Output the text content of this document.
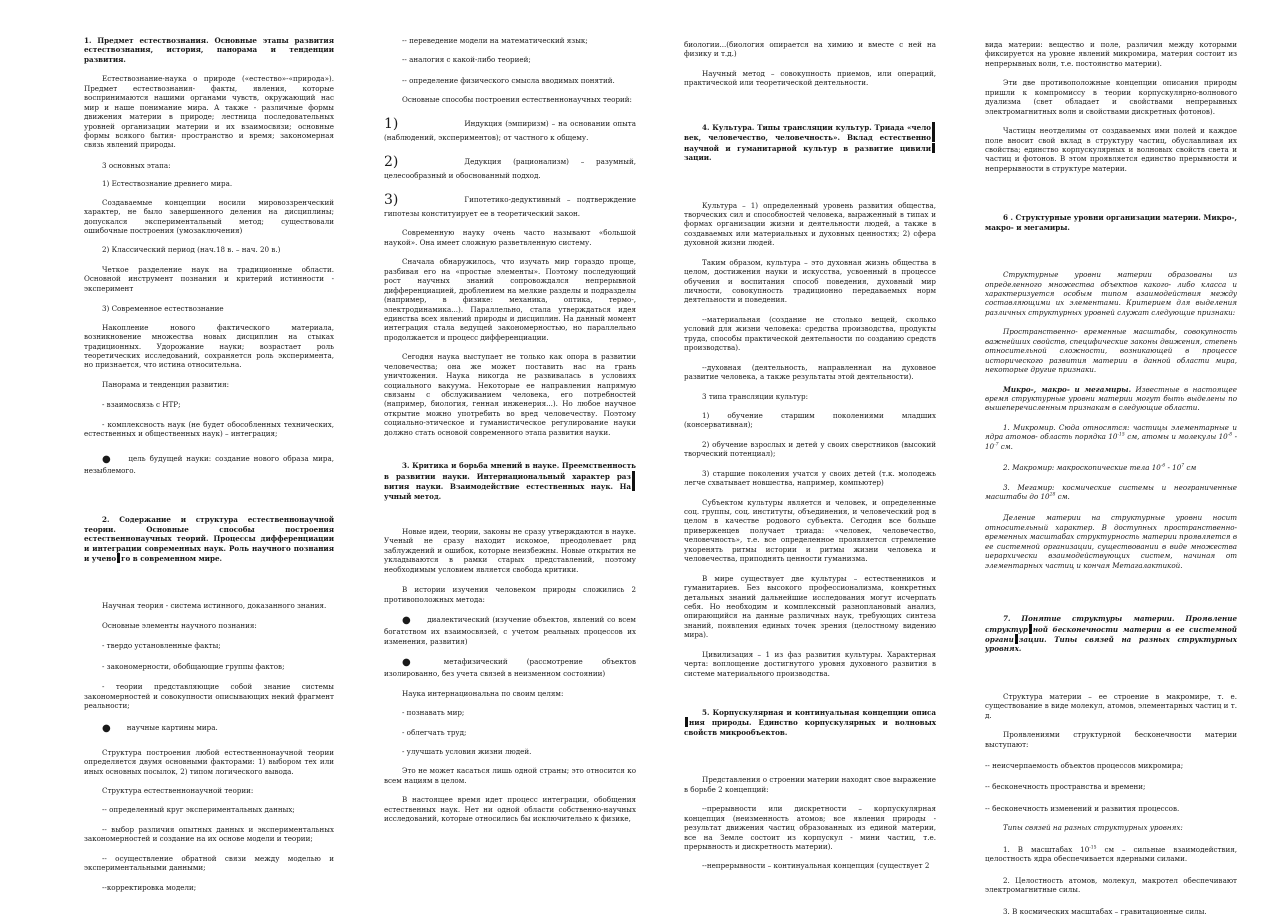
1. Предмет естествознания. Основные этапы развития естествознания, история, панорама и тенденции развития.

Естествознание-наука о природе («естество»-«природа»). Предмет естествознания- факты, явления, которые воспринимаются нашими органами чувств, окружающий нас мир и наше понимание мира. А также - различные формы движения материи в природе; лестница последовательных уровней организации материи и их взаимосвязи; основные формы всякого бытия- пространство и время; закономерная связь явлений природы.

3 основных этапа:

1) Естествознание древнего мира.

Создаваемые концепции носили мировоззренческий характер, не было завершенного деления на дисциплины; допускался экспериментальный метод; существовали ошибочные построения (умозаключения)

2) Классический период (нач.18 в. – нач. 20 в.)

Четкое разделение наук на традиционные области. Основной инструмент познания и критерий истинности - эксперимент

3) Современное естествознание

Накопление нового фактического материала, возникновение множества новых дисциплин на стыках традиционных. Удорожание науки; возрастает роль теоретических исследований, сохраняется роль эксперимента, но признается, что истина относительна.

Панорама и тенденция развития:

- взаимосвязь с НТР;

- комплексность наук (не будет обособленных технических, естественных и общественных наук) – интеграция;

● цель будущей науки: создание нового образа мира, незыблемого.

2. Содержание и структура естественнонаучной теории. Основные способы построения естественнонаучных теорий. Процессы дифференциации и интеграции современных наук. Роль научного познания и учено го в современном мире.

Научная теория - система истинного, доказанного знания.

Основные элементы научного познания:

- твердо установленные факты;

- закономерности, обобщающие группы фактов;

- теории представляющие собой знание системы закономерностей и совокупности описывающих некий фрагмент реальности;

● научные картины мира.

Структура построения любой естественнонаучной теории определяется двумя основными факторами: 1) выбором тех или иных основных посылок, 2) типом логического вывода.

Структура естественнонаучной теории:

-- определенный круг экспериментальных данных;

-- выбор различия опытных данных и экспериментальных закономерностей и создание на их основе модели и теории;

-- осуществление обратной связи между моделью и экспериментальными данными;

--корректировка модели;

-- переведение модели на математический язык;

-- аналогия с какой-либо теорией;

-- определение физического смысла вводимых понятий.

Основные способы построения естественнонаучных теорий:

1)	Индукция (эмпиризм) – на основании опыта (наблюдений, экспериментов); от частного к общему.

2)	Дедукция (рационализм) – разумный, целесообразный и обоснованный подход.

3)	Гипотетико-дедуктивный – подтверждение гипотезы конституирует ее в теоретический закон.

Современную науку очень часто называют «большой наукой». Она имеет сложную разветвленную систему.

Сначала обнаружилось, что изучать мир гораздо проще, разбивая его на «простые элементы». Поэтому последующий рост научных знаний сопровождался непрерывной дифференциацией, дроблением на мелкие разделы и подразделы (например, в физике: механика, оптика, термо-, электродинамика...). Параллельно, стала утверждаться идея единства всех явлений природы и дисциплин. На данный момент интеграция стала ведущей закономерностью, но параллельно продолжается и процесс дифференциации.

Сегодня наука выступает не только как опора в развитии человечества; она же может поставить нас на грань уничтожения. Наука никогда не развивалась в условиях социального вакуума. Некоторые ее направления напрямую связаны с обслуживанием человека, его потребностей (например, биология, генная инженерия...). Но любое научное открытие можно употребить во вред человечеству. Поэтому социально-этическое и гуманистическое регулирование науки должно стать основой современного этапа развития науки.

3. Критика и борьба мнений в науке. Преемственность в развитии науки. Интернациональный характер развития науки. Взаимодействие естественных наук. Научный метод.

Новые идеи, теории, законы не сразу утверждаются в науке. Ученый не сразу находит искомое, преодолевает ряд заблуждений и ошибок, которые неизбежны. Новые открытия не укладываются в рамки старых представлений, поэтому необходимым условием является свобода критики.

В истории изучения человеком природы сложились 2 противоположных метода:

● диалектический (изучение объектов, явлений со всем богатством их взаимосвязей, с учетом реальных процессов их изменения, развития)

● метафизический (рассмотрение объектов изолированно, без учета связей в неизменном состоянии)

Наука интернациональна по своим целям:

- познавать мир;

- облегчать труд;

- улучшать условия жизни людей.

Это не может касаться лишь одной страны; это относится ко всем нациям в целом.

В настоящее время идет процесс интеграции, обобщения естественных наук. Нет ни одной области собственно-научных исследований, которые относились бы исключительно к физике,

биологии...(биология опирается на химию и вместе с ней на физику и т.д.)

Научный метод – совокупность приемов, или операций, практической или теоретической деятельности.

4. Культура. Типы трансляции культур. Триада «человек, человечество, человечность». Вклад естественнонаучной и гуманитарной культур в развитие цивилизации.

Культура – 1) определенный уровень развития общества, творческих сил и способностей человека, выраженный в типах и формах организации жизни и деятельности людей, а также в создаваемых или материальных и духовных ценностях; 2) сфера духовной жизни людей.

Таким образом, культура – это духовная жизнь общества в целом, достижения науки и искусства, усвоенный в процессе обучения и воспитания способ поведения, духовный мир личности, совокупность традиционно передаваемых норм деятельности и поведения.

--материальная (создание не столько вещей, сколько условий для жизни человека: средства производства, продукты труда, способы практической деятельности по созданию средств производства).

--духовная (деятельность, направленная на духовное развитие человека, а также результаты этой деятельности).

3 типа трансляции культур:

1) обучение старшим поколениями младших (консервативная);

2) обучение взрослых и детей у своих сверстников (высокий творческий потенциал);

3) старшие поколения учатся у своих детей (т.к. молодежь легче схватывает новшества, например, компьютер)

Субъектом культуры является и человек, и определенные соц. группы, соц. институты, объединения, и человеческий род в целом в качестве родового субъекта. Сегодня все больше приверженцев получает триада: «человек, человечество, человечность», т.е. все определенное проявляется стремление укоренять ритмы истории и ритмы жизни человека и человечества, приподнять ценности гуманизма.

В мире существует две культуры – естественников и гуманитариев. Без высокого профессионализма, конкретных детальных знаний дальнейшие исследования могут исчерпать себя. Но необходим и комплексный разноплановый анализ, опирающийся на данные различных наук, требующих синтеза знаний, появления единых точек зрения (целостному видению мира).

Цивилизация – 1 из фаз развития культуры. Характерная черта: воплощение достигнутого уровня духовного развития в системе материального производства.

5. Корпускулярная и континуальная концепции описания природы. Единство корпускулярных и волновых свойств микрообъектов.

Представления о строении материи находят свое выражение в борьбе 2 концепций:

--прерывности или дискретности – корпускулярная концепция (неизменность атомов; все явления природы - результат движения частиц образованных из единой материи, все на Земле состоит из корпускул - мини частиц, т.е. прерывность и дискретность материи).

--непрерывности – континуальная концепция (существует 2

вида материи: вещество и поле, различия между которыми фиксируется на уровне явлений микромира, материя состоит из непрерывных волн, т.е. постоянство материи).

Эти две противоположные концепции описания природы пришли к компромиссу в теории корпускулярно-волнового дуализма (свет обладает и свойствами непрерывных электромагнитных волн и свойствами дискретных фотонов).

Частицы неотделимы от создаваемых ими полей и каждое поле вносит свой вклад в структуру частиц, обуславливая их свойства; единство корпускулярных и волновых свойств света и частиц и фотонов. В этом проявляется единство прерывности и непрерывности в структуре материи.

6 . Структурные уровни организации материи. Микро-, макро- и мегамиры.

Структурные уровни материи образованы из определенного множества объектов какого- либо класса и характеризуется особым типом взаимодействия между составляющими их элементами. Критерием для выделения различных структурных уровней служат следующие признаки:

Пространственно- временные масштабы, совокупность важнейших свойств, специфические законы движения, степень относительной сложности, возникающей в процессе исторического развития материи в данной области мира, некоторые другие признаки.

Микро-, макро- и мегамиры. Известные в настоящее время структурные уровни материи могут быть выделены по вышеперечисленным признакам в следующие области.

1. Микромир. Сюда относятся: частицы элементарные и ядра атомов- область порядка $10^{-15}$ см, атомы и молекулы $10^{-8} - 10^{-7}$ см.

2. Макромир: макроскопические тела $10^{-6} - 10^7$ см

3. Мегамир: космические системы и неограниченные масштабы до $10^{28}$ см.

Деление материи на структурные уровни носит относительный характер. В доступных пространственно-временных масштабах структурность материи проявляется в ее системной организации, существовании в виде множества иерархически взаимодействующих систем, начиная от элементарных частиц и кончая Метагалактикой.

7. Понятие структуры материи. Проявление структур ной бесконечности материи в ее системной органи зации. Типы связей на разных структурных уровнях.

Структура материи – ее строение в макромире, т. е. существование в виде молекул, атомов, элементарных частиц и т. д.

Проявлениями структурной бесконечности материи выступают:

-- неисчерпаемость объектов процессов микромира;

-- бесконечность пространства и времени;

-- бесконечность изменений и развития процессов.

Типы связей на разных структурных уровнях:

1. В масштабах $10^{-15}$ см – сильные взаимодействия, целостность ядра обеспечивается ядерными силами.

2. Целостность атомов, молекул, макротел обеспечивают электромагнитные силы.

3. В космических масштабах – гравитационные силы.
